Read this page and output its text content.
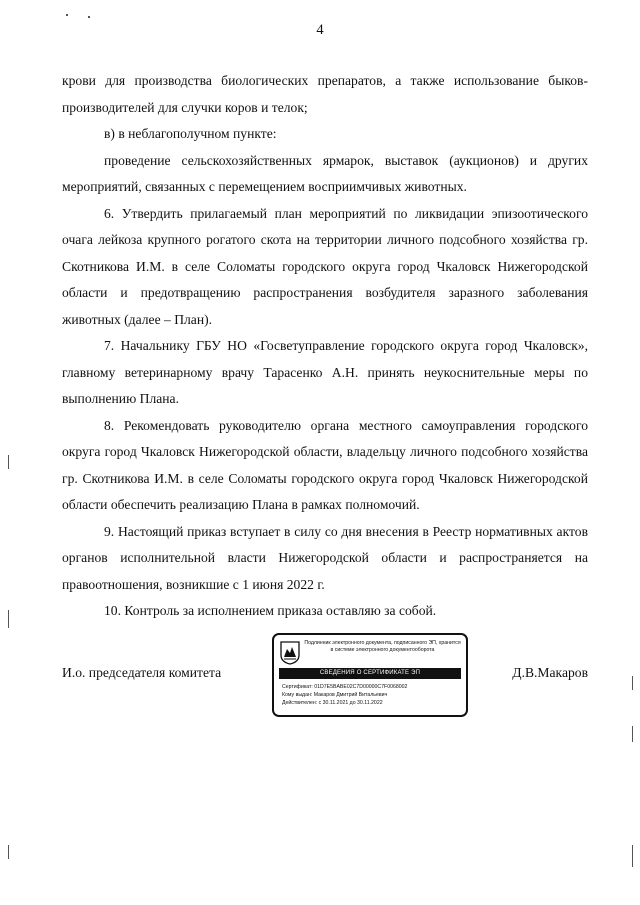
4

крови для производства биологических препаратов, а также использование быков-производителей для случки коров и телок;

в) в неблагополучном пункте:

проведение сельскохозяйственных ярмарок, выставок (аукционов) и других мероприятий, связанных с перемещением восприимчивых животных.

6. Утвердить прилагаемый план мероприятий по ликвидации эпизоотического очага лейкоза крупного рогатого скота на территории личного подсобного хозяйства гр. Скотникова И.М. в селе Соломаты городского округа город Чкаловск Нижегородской области и предотвращению распространения возбудителя заразного заболевания животных (далее – План).

7. Начальнику ГБУ НО «Госветуправление городского округа город Чкаловск», главному ветеринарному врачу Тарасенко А.Н. принять неукоснительные меры по выполнению Плана.

8. Рекомендовать руководителю органа местного самоуправления городского округа город Чкаловск Нижегородской области, владельцу личного подсобного хозяйства гр. Скотникова И.М. в селе Соломаты городского округа город Чкаловск Нижегородской области обеспечить реализацию Плана в рамках полномочий.

9. Настоящий приказ вступает в силу со дня внесения в Реестр нормативных актов органов исполнительной власти Нижегородской области и распространяется на правоотношения, возникшие с 1 июня 2022 г.

10. Контроль за исполнением приказа оставляю за собой.

И.о. председателя комитета
Подлинник электронного документа, подписанного ЭП, хранится в системе электронного документооборота
СВЕДЕНИЯ О СЕРТИФИКАТЕ ЭП
Сертификат: 01D7E5BABE02C7D00000C7F0068002
Кому выдан: Макаров Дмитрий Витальевич
Действителен: с 30.11.2021 до 30.11.2022
Д.В.Макаров
